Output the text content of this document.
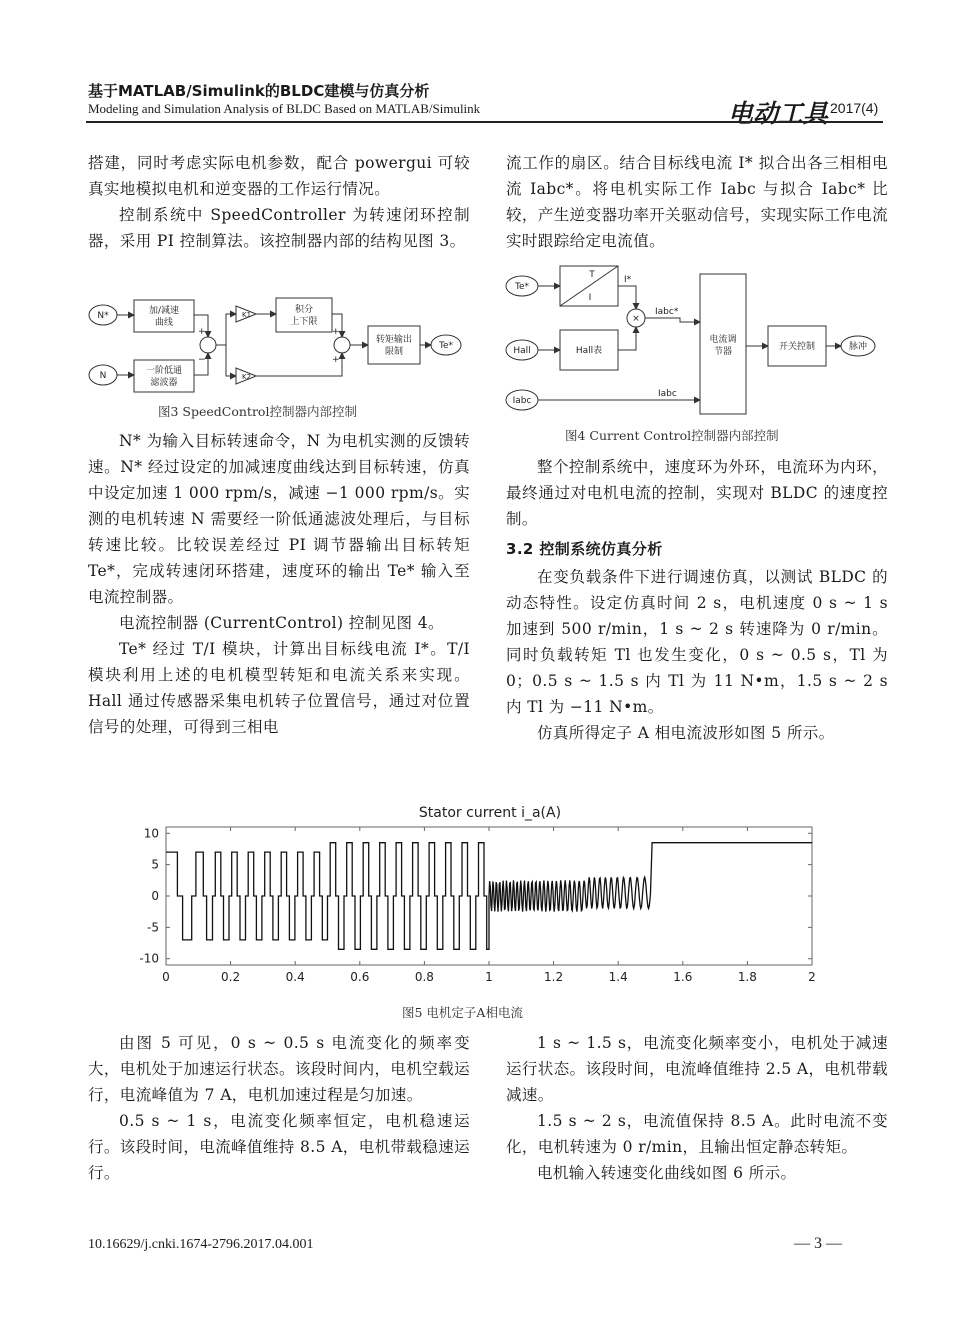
基于MATLAB/Simulink的BLDC建模与仿真分析
Modeling and Simulation Analysis of BLDC Based on MATLAB/Simulink	电动工具 2017(4)

搭建，同时考虑实际电机参数，配合 powergui 可较真实地模拟电机和逆变器的工作运行情况。

控制系统中 SpeedController 为转速闭环控制器，采用 PI 控制算法。该控制器内部的结构见图 3。

N*
N
加/减速
曲线
一阶低通
滤波器
K1
K2
积分
上下限
转矩输出
限制
Te*
+
−
+
+
图3 SpeedControl控制器内部控制

N* 为输入目标转速命令，N 为电机实测的反馈转速。N* 经过设定的加减速度曲线达到目标转速，仿真中设定加速 1 000 rpm/s，减速 −1 000 rpm/s。实测的电机转速 N 需要经一阶低通滤波处理后，与目标转速比较。比较误差经过 PI 调节器输出目标转矩 Te*，完成转速闭环搭建，速度环的输出 Te* 输入至电流控制器。

电流控制器 (CurrentControl) 控制见图 4。

Te* 经过 T/I 模块，计算出目标线电流 I*。T/I 模块利用上述的电机模型转矩和电流关系来实现。Hall 通过传感器采集电机转子位置信号，通过对位置信号的处理，可得到三相电

流工作的扇区。结合目标线电流 I* 拟合出各三相相电流 Iabc*。将电机实际工作 Iabc 与拟合 Iabc* 比较，产生逆变器功率开关驱动信号，实现实际工作电流实时跟踪给定电流值。

Te*
Hall
Iabc
T
I
I*
Hall表
×
Iabc*
电流调
节器	开关控制	脉冲
Iabc
图4 Current Control控制器内部控制

整个控制系统中，速度环为外环，电流环为内环，最终通过对电机电流的控制，实现对 BLDC 的速度控制。

3.2 控制系统仿真分析

在变负载条件下进行调速仿真，以测试 BLDC 的动态特性。设定仿真时间 2 s，电机速度 0 s ~ 1 s 加速到 500 r/min，1 s ~ 2 s 转速降为 0 r/min。同时负载转矩 Tl 也发生变化，0 s ~ 0.5 s，Tl 为 0；0.5 s ~ 1.5 s 内 Tl 为 11 N•m，1.5 s ~ 2 s 内 Tl 为 −11 N•m。

仿真所得定子 A 相电流波形如图 5 所示。

Stator current i_a(A)
0	0.2	0.4	0.6	0.8	1	1.2	1.4	1.6	1.8	2
10
5
0
-5
-10
图5 电机定子A相电流

由图 5 可见，0 s ~ 0.5 s 电流变化的频率变大，电机处于加速运行状态。该段时间内，电机空载运行，电流峰值为 7 A，电机加速过程是匀加速。

0.5 s ~ 1 s，电流变化频率恒定，电机稳速运行。该段时间，电流峰值维持 8.5 A，电机带载稳速运行。

1 s ~ 1.5 s，电流变化频率变小，电机处于减速运行状态。该段时间，电流峰值维持 2.5 A，电机带载减速。

1.5 s ~ 2 s，电流值保持 8.5 A。此时电流不变化，电机转速为 0 r/min，且输出恒定静态转矩。

电机输入转速变化曲线如图 6 所示。

10.16629/j.cnki.1674-2796.2017.04.001	— 3 —
